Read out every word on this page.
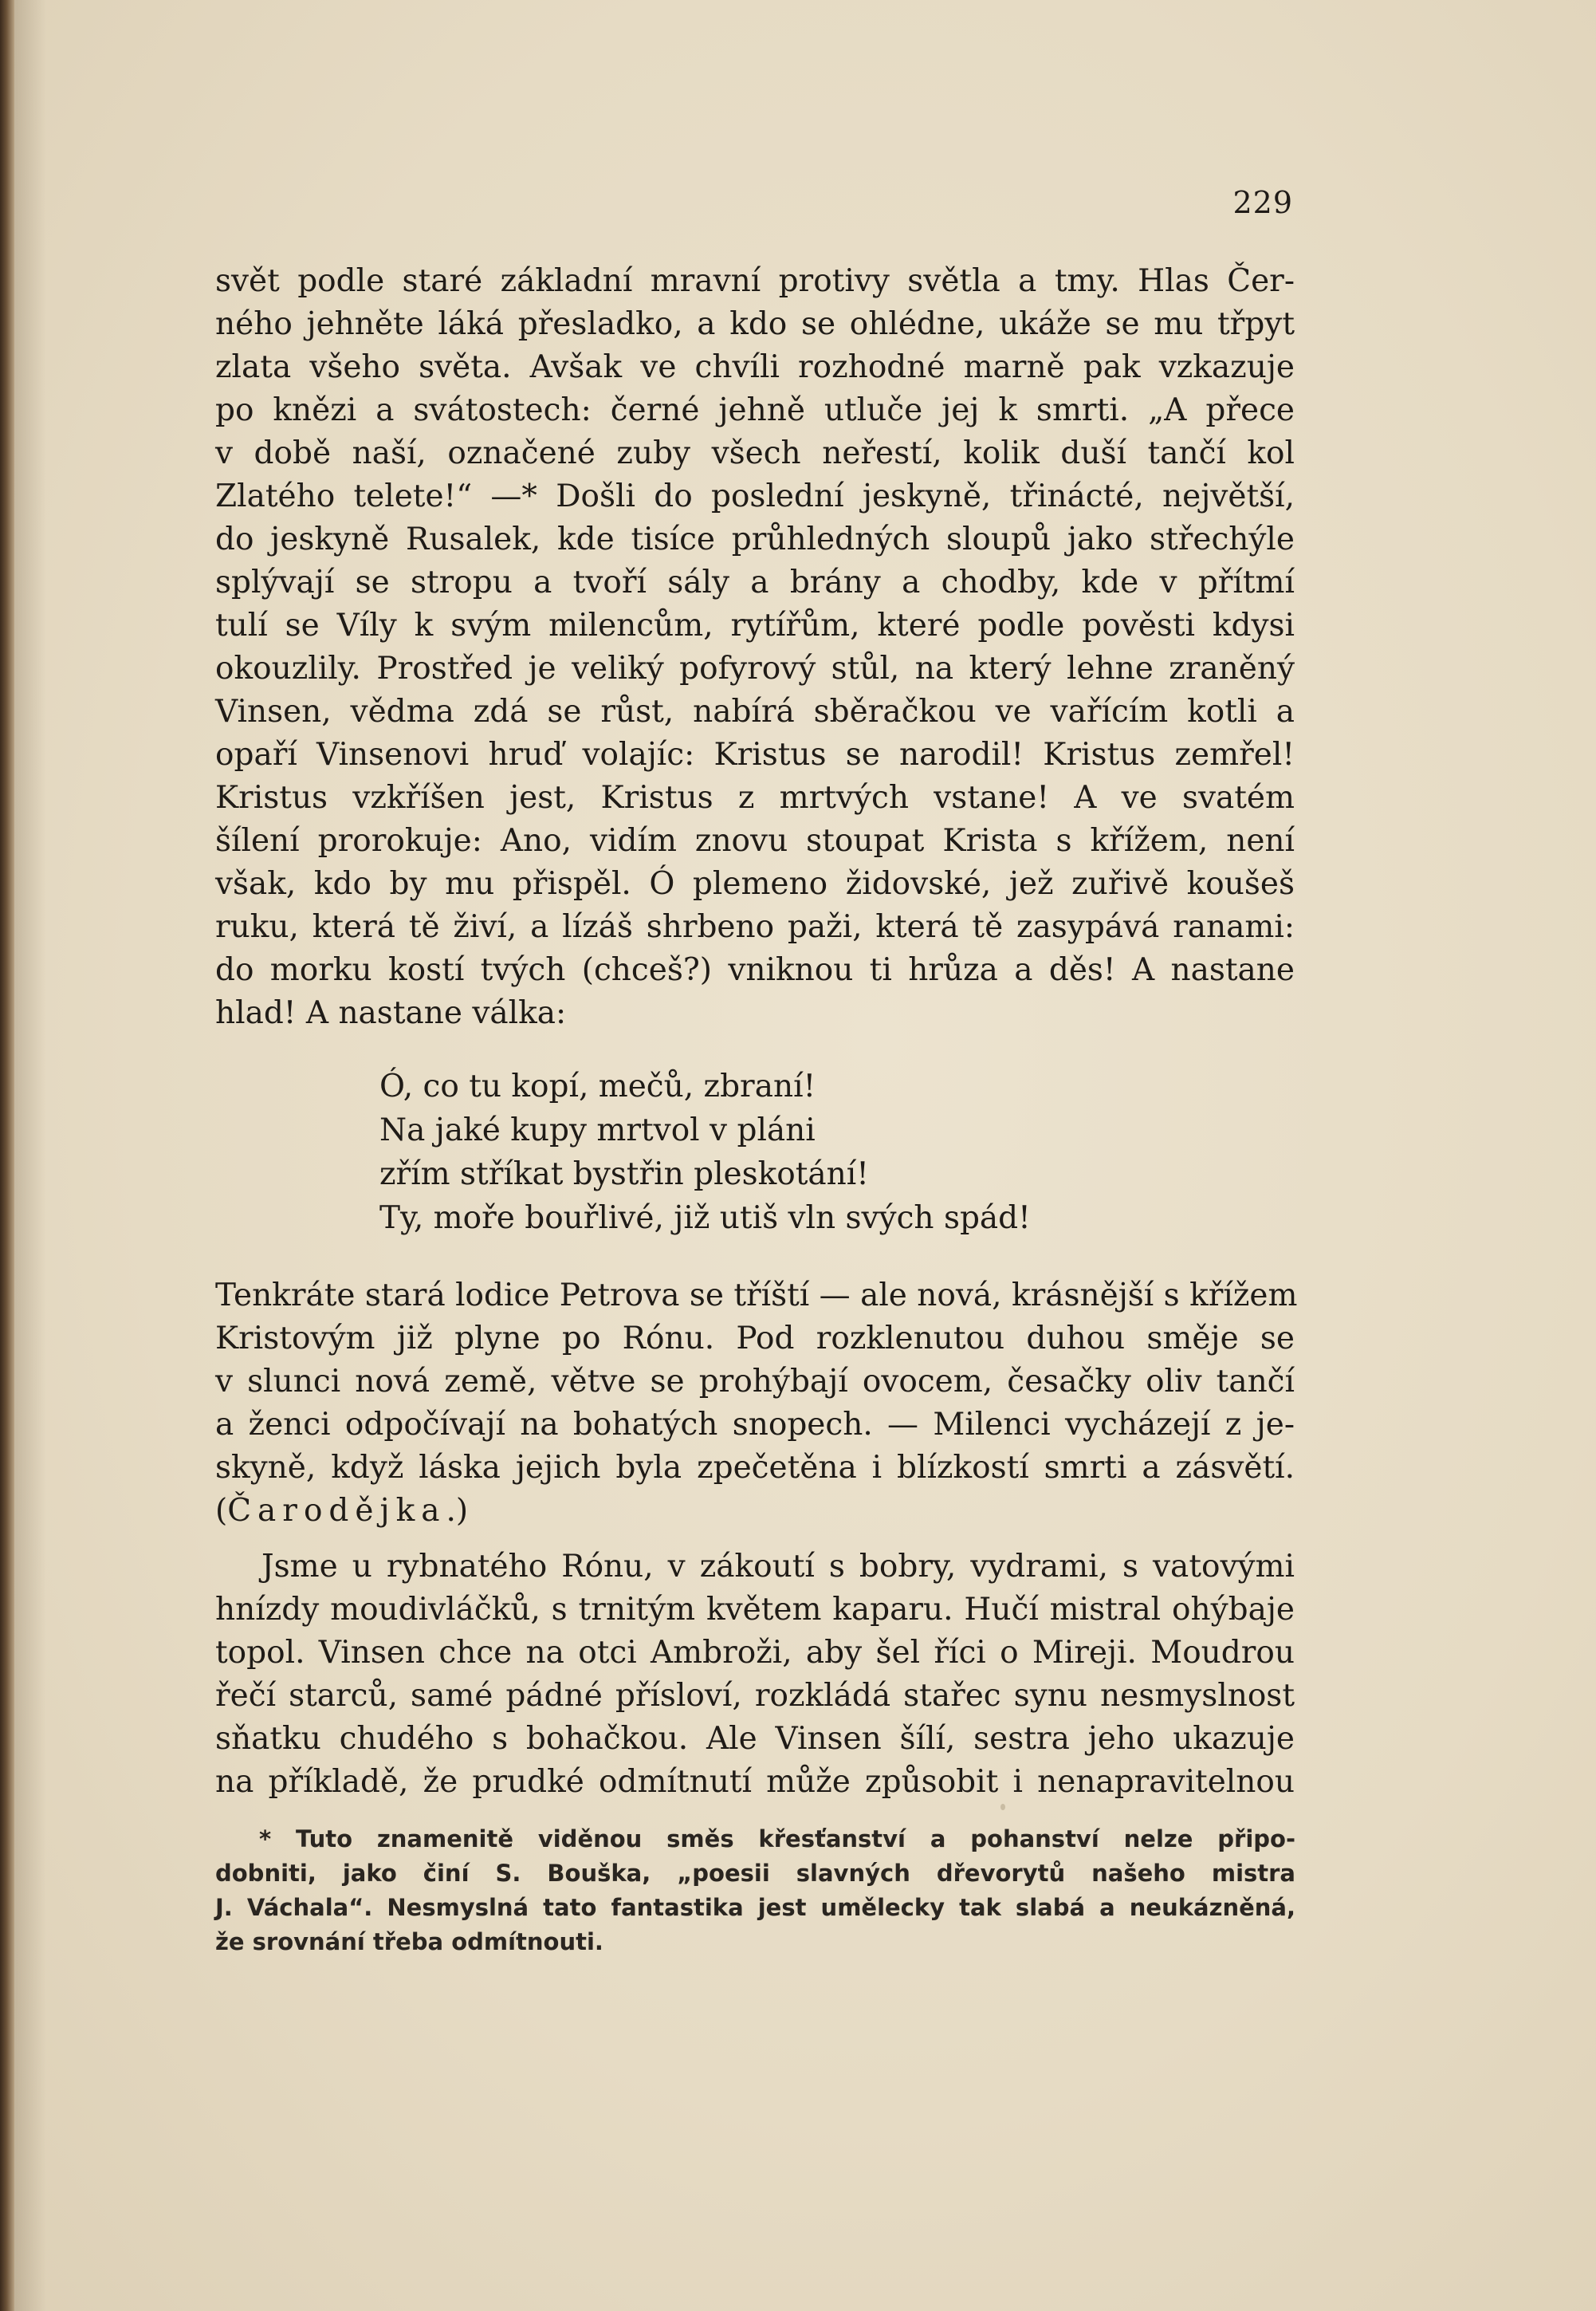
229
svět podle staré základní mravní protivy světla a tmy. Hlas Čer-
ného jehněte láká přesladko, a kdo se ohlédne, ukáže se mu třpyt
zlata všeho světa. Avšak ve chvíli rozhodné marně pak vzkazuje
po knězi a svátostech: černé jehně utluče jej k smrti. „A přece
v době naší, označené zuby všech neřestí, kolik duší tančí kol
Zlatého telete!“ —* Došli do poslední jeskyně, třinácté, největší,
do jeskyně Rusalek, kde tisíce průhledných sloupů jako střechýle
splývají se stropu a tvoří sály a brány a chodby, kde v přítmí
tulí se Víly k svým milencům, rytířům, které podle pověsti kdysi
okouzlily. Prostřed je veliký pofyrový stůl, na který lehne zraněný
Vinsen, vědma zdá se růst, nabírá sběračkou ve vařícím kotli a
opaří Vinsenovi hruď volajíc: Kristus se narodil! Kristus zemřel!
Kristus vzkříšen jest, Kristus z mrtvých vstane! A ve svatém
šílení prorokuje: Ano, vidím znovu stoupat Krista s křížem, není
však, kdo by mu přispěl. Ó plemeno židovské, jež zuřivě koušeš
ruku, která tě živí, a lízáš shrbeno paži, která tě zasypává ranami:
do morku kostí tvých (chceš?) vniknou ti hrůza a děs! A nastane
hlad! A nastane válka:
Ó, co tu kopí, mečů, zbraní!
Na jaké kupy mrtvol v pláni
zřím stříkat bystřin pleskotání!
Ty, moře bouřlivé, již utiš vln svých spád!
Tenkráte stará lodice Petrova se tříští — ale nová, krásnější s křížem
Kristovým již plyne po Rónu. Pod rozklenutou duhou směje se
v slunci nová země, větve se prohýbají ovocem, česačky oliv tančí
a ženci odpočívají na bohatých snopech. — Milenci vycházejí z je-
skyně, když láska jejich byla zpečetěna i blízkostí smrti a zásvětí.
(Čarodějka.)
Jsme u rybnatého Rónu, v zákoutí s bobry, vydrami, s vatovými
hnízdy moudivláčků, s trnitým květem kaparu. Hučí mistral ohýbaje
topol. Vinsen chce na otci Ambroži, aby šel říci o Mireji. Moudrou
řečí starců, samé pádné přísloví, rozkládá stařec synu nesmyslnost
sňatku chudého s bohačkou. Ale Vinsen šílí, sestra jeho ukazuje
na příkladě, že prudké odmítnutí může způsobit i nenapravitelnou
* Tuto znamenitě viděnou směs křesťanství a pohanství nelze připo-
dobniti, jako činí S. Bouška, „poesii slavných dřevorytů našeho mistra
J. Váchala“. Nesmyslná tato fantastika jest umělecky tak slabá a neukázněná,
že srovnání třeba odmítnouti.
